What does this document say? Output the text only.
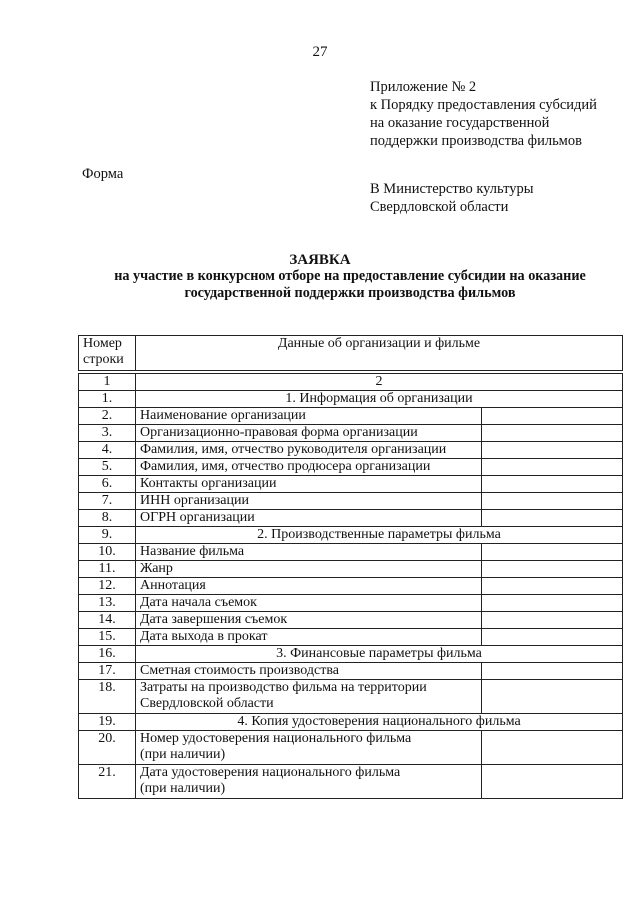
27
Приложение № 2
к Порядку предоставления субсидий
на оказание государственной
поддержки производства фильмов
Форма
В Министерство культуры
Свердловской области
ЗАЯВКА
на участие в конкурсном отборе на предоставление субсидии на оказание
государственной поддержки производства фильмов
Номер
строки	Данные об организации и фильме	

1	2	
1.	1. Информация об организации	
2.	Наименование организации	

3.	Организационно-правовая форма организации	

4.	Фамилия, имя, отчество руководителя организации	

5.	Фамилия, имя, отчество продюсера организации	

6.	Контакты организации	

7.	ИНН организации	

8.	ОГРН организации	

9.	2. Производственные параметры фильма	
10.	Название фильма	

11.	Жанр	

12.	Аннотация	

13.	Дата начала съемок	

14.	Дата завершения съемок	

15.	Дата выхода в прокат	

16.	3. Финансовые параметры фильма	
17.	Сметная стоимость производства	

18.	Затраты на производство фильма на территории
Свердловской области	

19.	4. Копия удостоверения национального фильма	
20.	Номер удостоверения национального фильма
(при наличии)	

21.	Дата удостоверения национального фильма
(при наличии)	
